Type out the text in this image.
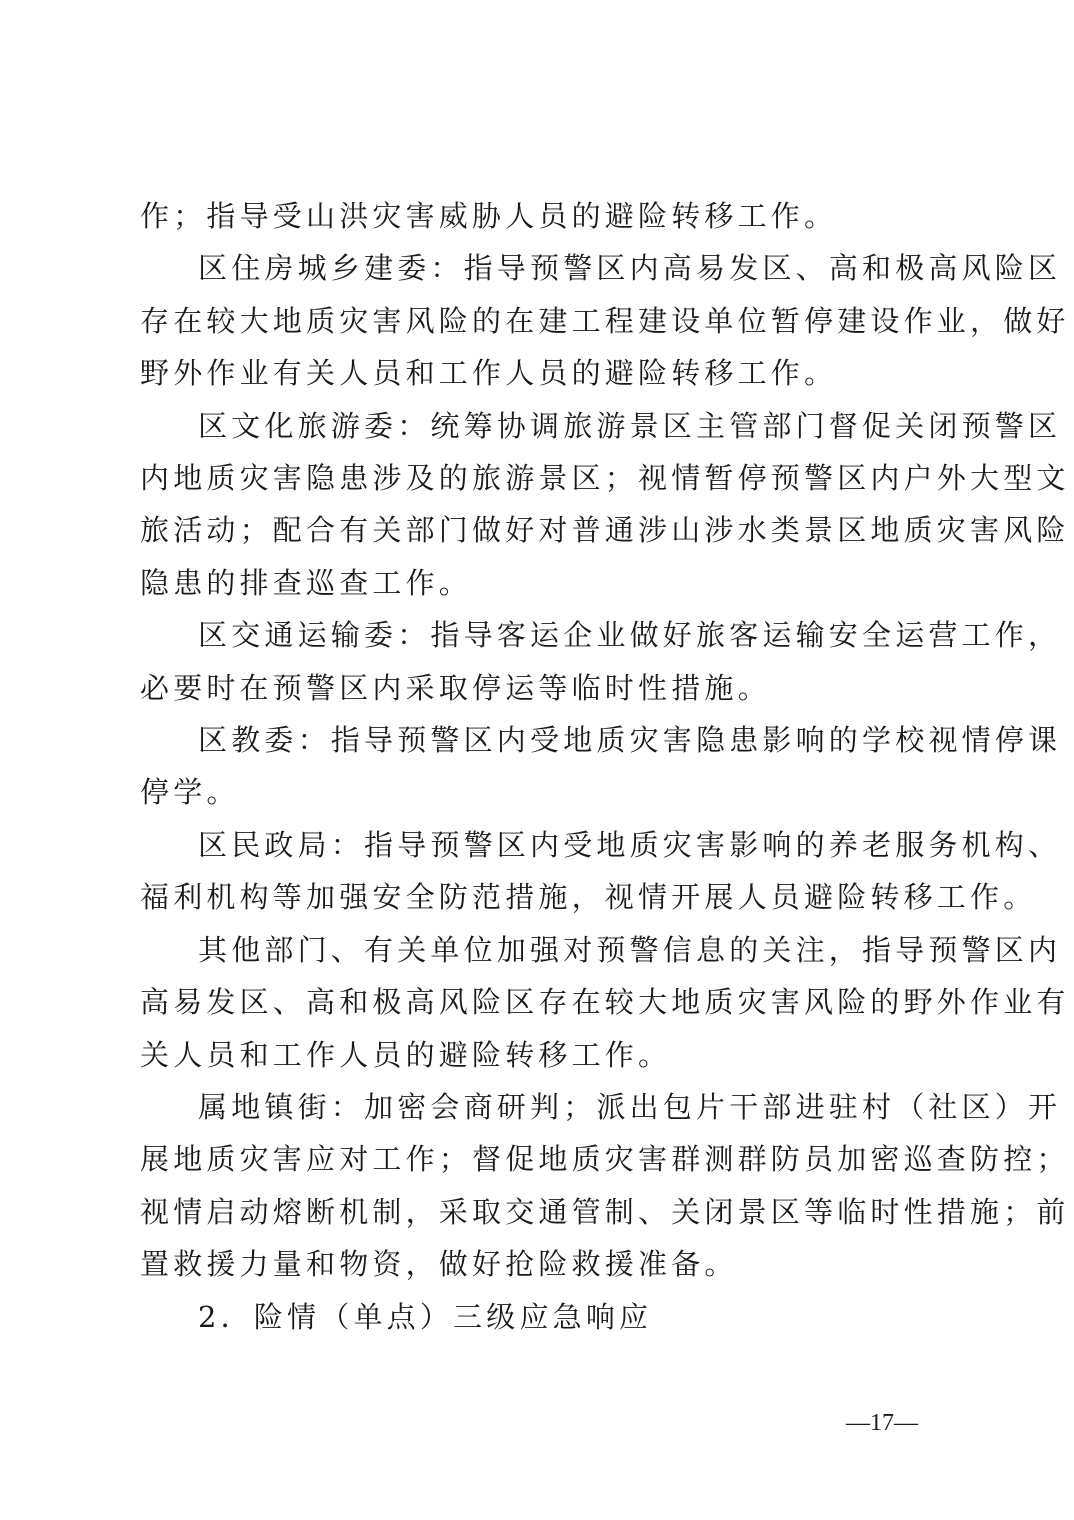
作；指导受山洪灾害威胁人员的避险转移工作。
区住房城乡建委：指导预警区内高易发区、高和极高风险区
存在较大地质灾害风险的在建工程建设单位暂停建设作业，做好
野外作业有关人员和工作人员的避险转移工作。
区文化旅游委：统筹协调旅游景区主管部门督促关闭预警区
内地质灾害隐患涉及的旅游景区；视情暂停预警区内户外大型文
旅活动；配合有关部门做好对普通涉山涉水类景区地质灾害风险
隐患的排查巡查工作。
区交通运输委：指导客运企业做好旅客运输安全运营工作，
必要时在预警区内采取停运等临时性措施。
区教委：指导预警区内受地质灾害隐患影响的学校视情停课
停学。
区民政局：指导预警区内受地质灾害影响的养老服务机构、
福利机构等加强安全防范措施，视情开展人员避险转移工作。
其他部门、有关单位加强对预警信息的关注，指导预警区内
高易发区、高和极高风险区存在较大地质灾害风险的野外作业有
关人员和工作人员的避险转移工作。
属地镇街：加密会商研判；派出包片干部进驻村（社区）开
展地质灾害应对工作；督促地质灾害群测群防员加密巡查防控；
视情启动熔断机制，采取交通管制、关闭景区等临时性措施；前
置救援力量和物资，做好抢险救援准备。
2．险情（单点）三级应急响应
—17—
